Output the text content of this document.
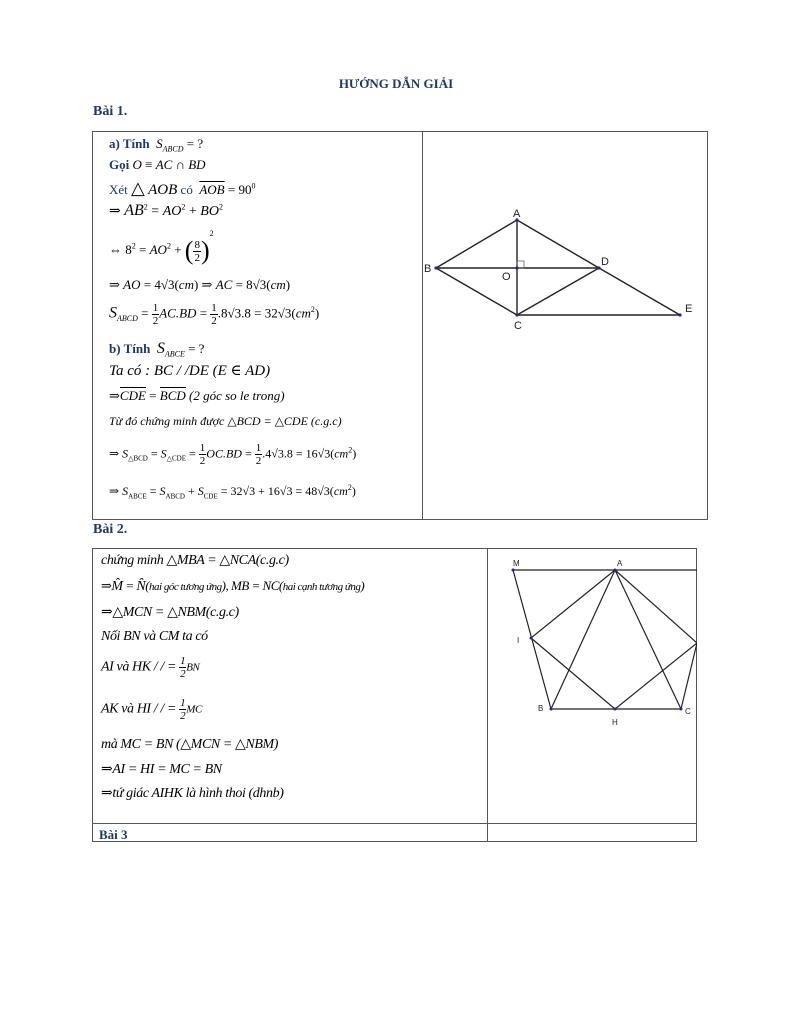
HƯỚNG DẪN GIẢI
Bài 1.
a) Tính $S_{ABCD}$ = ?
Gọi O ≡ AC ∩ BD
Xét △ AOB có $\overline{AOB} = 90^0$
⇒ $AB^2 = AO^2 + BO^2$
⇔ $8^2 = AO^2$ + ( $\frac{8}{2} )^2$
⇒ AO = 4√3(cm) ⇒ AC = 8√3(cm)
$S_{ABCD} = \frac{1}{2} AC.BD = \frac{1}{2} .8√3.8 = 32√3(cm^2)$
b) Tính $S_{ABCE}$ = ?
Ta có : BC / /DE (E ∈ AD)
⇒CDE = BCD (2 góc so le trong)
Từ đó chứng minh được △BCD = △CDE (c.g.c)
⇒ $S_{\triangle BCD} = S_{\triangle CDE} = \frac{1}{2} OC.BD = \frac{1}{2} .4√3.8 = 16√3(cm^2)$
⇒ $S_{ABCE} = S_{ABCD} + S_{CDE} = 32√3 + 16√3 = 48√3(cm^2)$
A
B
C
D
E
O
Bài 2.
chứng minh △MBA = △NCA(c.g.c)
⇒M̂ = N̂(hai góc tương ứng), MB = NC(hai cạnh tương ứng)
⇒△MCN = △NBM(c.g.c)
Nối BN và CM ta có
AI và HK / / = $\frac{1}{2}$ BN
AK và HI / / = $\frac{1}{2}$ MC
mà MC = BN (△MCN = △NBM)
⇒AI = HI = MC = BN
⇒tứ giác AIHK là hình thoi (dhnb)
M	A
I
B
H
C
Bài 3
